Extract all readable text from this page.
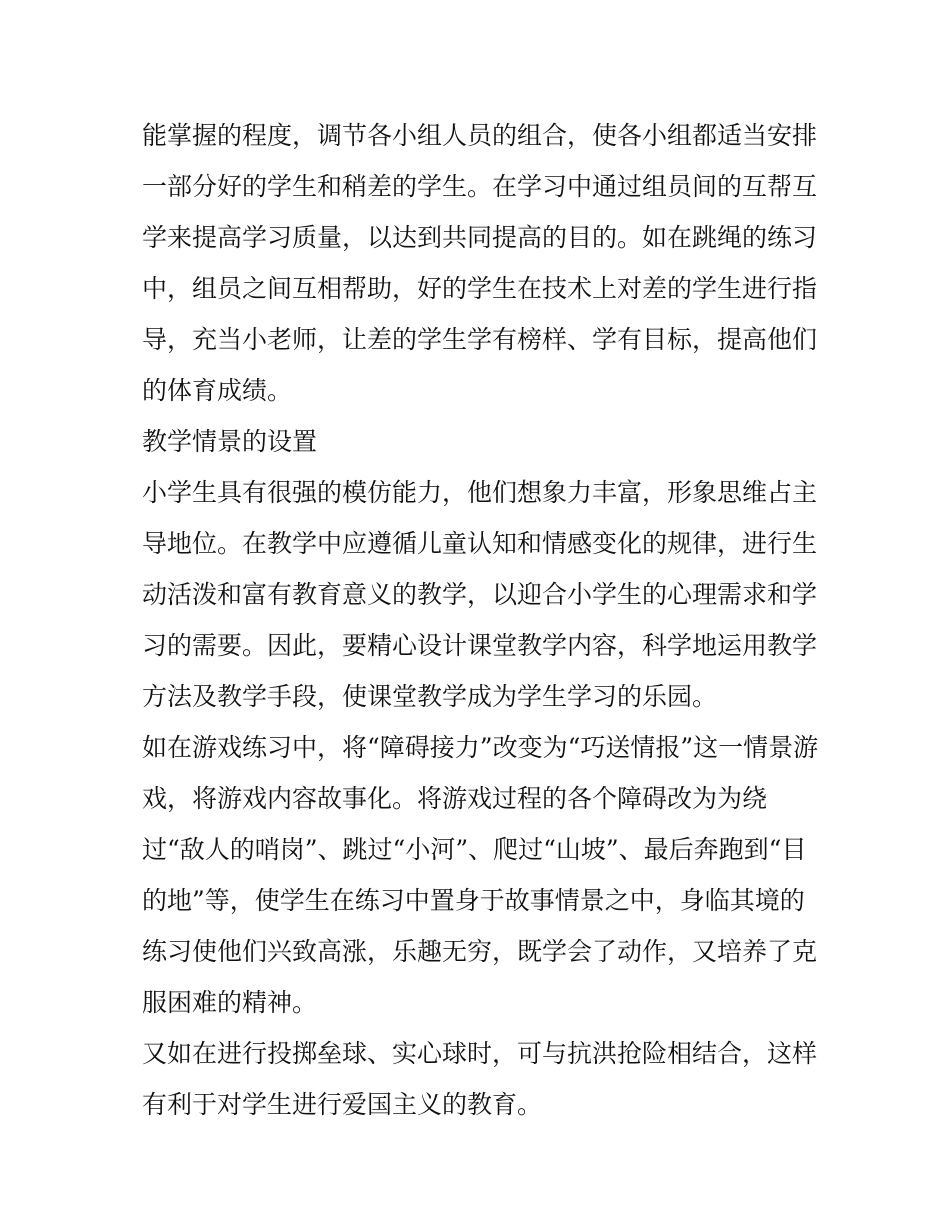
能掌握的程度，调节各小组人员的组合，使各小组都适当安排
一部分好的学生和稍差的学生。在学习中通过组员间的互帮互
学来提高学习质量，以达到共同提高的目的。如在跳绳的练习
中，组员之间互相帮助，好的学生在技术上对差的学生进行指
导，充当小老师，让差的学生学有榜样、学有目标，提高他们
的体育成绩。
教学情景的设置
小学生具有很强的模仿能力，他们想象力丰富，形象思维占主
导地位。在教学中应遵循儿童认知和情感变化的规律，进行生
动活泼和富有教育意义的教学，以迎合小学生的心理需求和学
习的需要。因此，要精心设计课堂教学内容，科学地运用教学
方法及教学手段，使课堂教学成为学生学习的乐园。
如在游戏练习中，将“障碍接力”改变为“巧送情报”这一情景游
戏，将游戏内容故事化。将游戏过程的各个障碍改为为绕
过“敌人的哨岗”、跳过“小河”、爬过“山坡”、最后奔跑到“目
的地”等，使学生在练习中置身于故事情景之中，身临其境的
练习使他们兴致高涨，乐趣无穷，既学会了动作，又培养了克
服困难的精神。
又如在进行投掷垒球、实心球时，可与抗洪抢险相结合，这样
有利于对学生进行爱国主义的教育。
